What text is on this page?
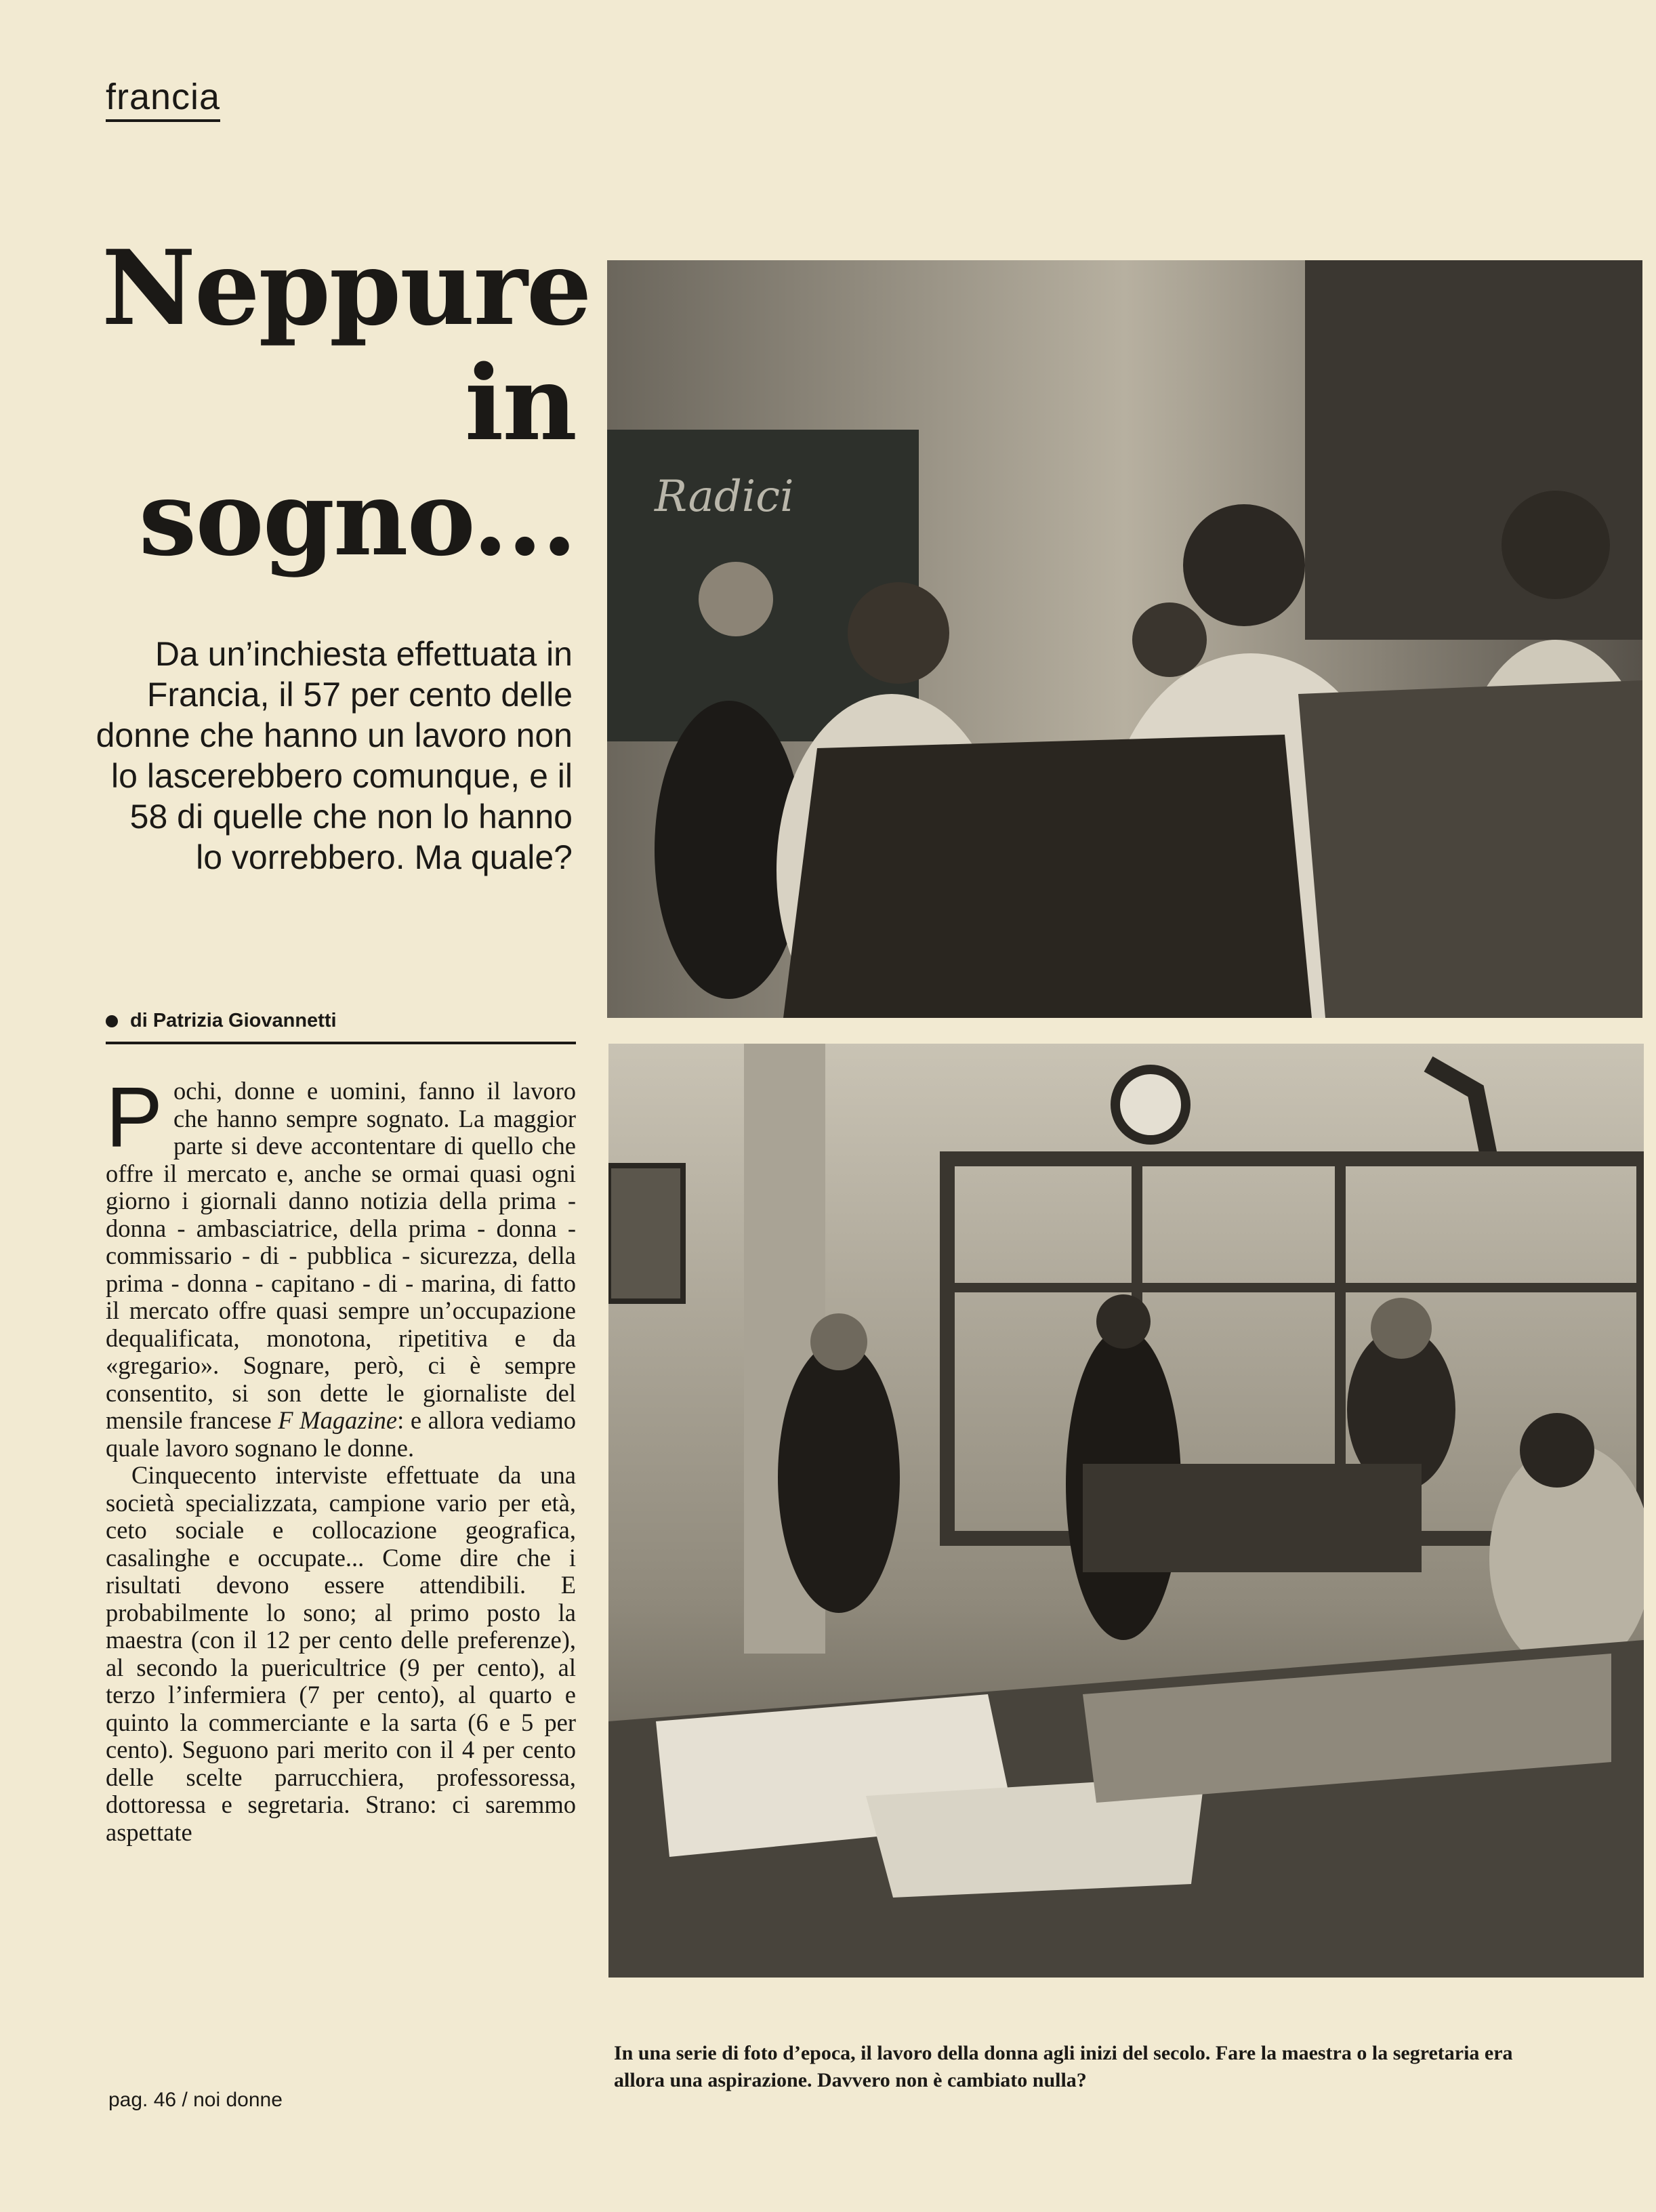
francia
Neppure
in
sogno...
Da un’inchiesta effettuata in Francia, il 57 per cento delle donne che hanno un lavoro non lo lascerebbero comunque, e il 58 di quelle che non lo hanno lo vorrebbero. Ma quale?
di Patrizia Giovannetti

Pochi, donne e uomini, fanno il lavoro che hanno sempre sognato. La maggior parte si deve accontentare di quello che offre il mercato e, anche se ormai quasi ogni giorno i giornali danno notizia della prima - donna - ambasciatrice, della prima - donna - commissario - di - pubblica - sicurezza, della prima - donna - capitano - di - marina, di fatto il mercato offre quasi sempre un’occupazione dequalificata, monotona, ripetitiva e da «gregario». Sognare, però, ci è sempre consentito, si son dette le giornaliste del mensile francese F Magazine: e allora vediamo quale lavoro sognano le donne.

Cinquecento interviste effettuate da una società specializzata, campione vario per età, ceto sociale e collocazione geografica, casalinghe e occupate... Come dire che i risultati devono essere attendibili. E probabilmente lo sono; al primo posto la maestra (con il 12 per cento delle preferenze), al secondo la puericultrice (9 per cento), al terzo l’infermiera (7 per cento), al quarto e quinto la commerciante e la sarta (6 e 5 per cento). Seguono pari merito con il 4 per cento delle scelte parrucchiera, professoressa, dottoressa e segretaria. Strano: ci saremmo aspettate

Radici
In una serie di foto d’epoca, il lavoro della donna agli inizi del secolo. Fare la maestra o la segretaria era allora una aspirazione. Davvero non è cambiato nulla?
pag. 46 / noi donne
